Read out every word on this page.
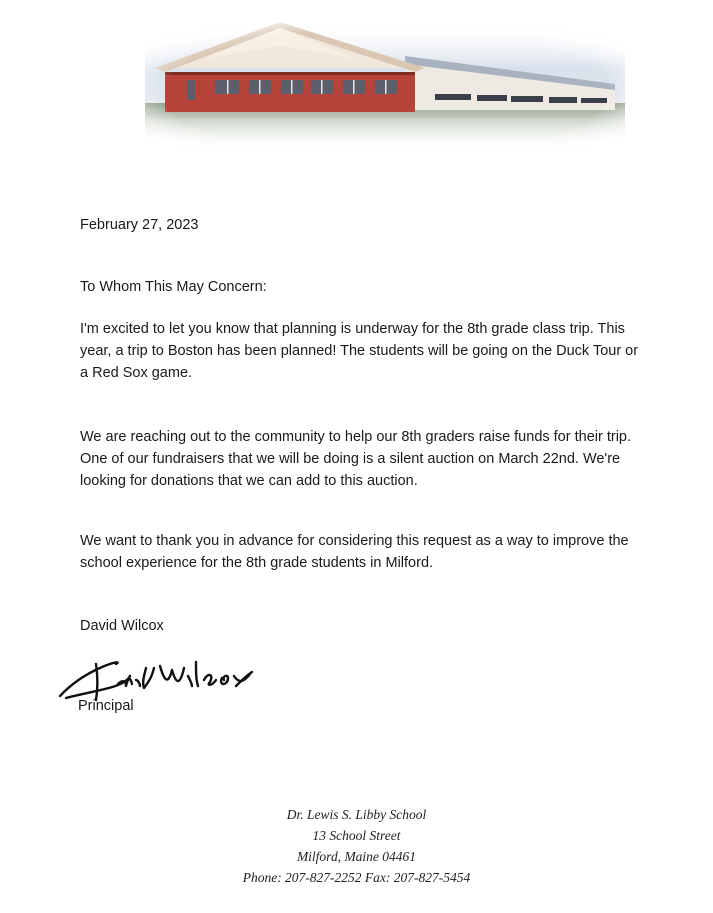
February 27, 2023

To Whom This May Concern:

I'm excited to let you know that planning is underway for the 8th grade class trip. This year, a trip to Boston has been planned! The students will be going on the Duck Tour or a Red Sox game.

We are reaching out to the community to help our 8th graders raise funds for their trip. One of our fundraisers that we will be doing is a silent auction on March 22nd. We're looking for donations that we can add to this auction.

We want to thank you in advance for considering this request as a way to improve the school experience for the 8th grade students in Milford.

David Wilcox

Principal

Dr. Lewis S. Libby School
13 School Street
Milford, Maine 04461
Phone: 207-827-2252 Fax: 207-827-5454
